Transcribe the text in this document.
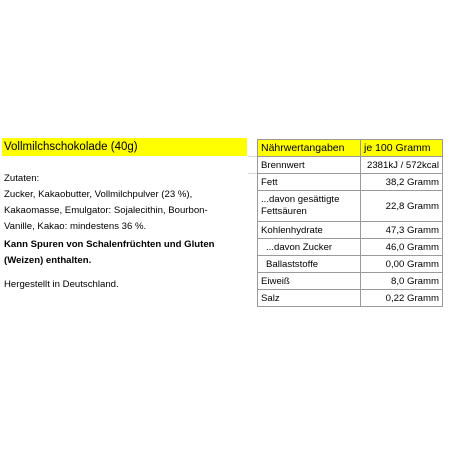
Vollmilchschokolade (40g)
Zutaten:
Zucker, Kakaobutter, Vollmilchpulver (23 %),
Kakaomasse, Emulgator: Sojalecithin, Bourbon-
Vanille, Kakao: mindestens 36 %.
Kann Spuren von Schalenfrüchten und Gluten
(Weizen) enthalten.
Hergestellt in Deutschland.
Nährwertangaben	je 100 Gramm
Brennwert	2381kJ / 572kcal
Fett	38,2 Gramm
...davon gesättigte Fettsäuren	22,8 Gramm
Kohlenhydrate	47,3 Gramm
...davon Zucker	46,0 Gramm
Ballaststoffe	0,00 Gramm
Eiweiß	8,0 Gramm
Salz	0,22 Gramm
